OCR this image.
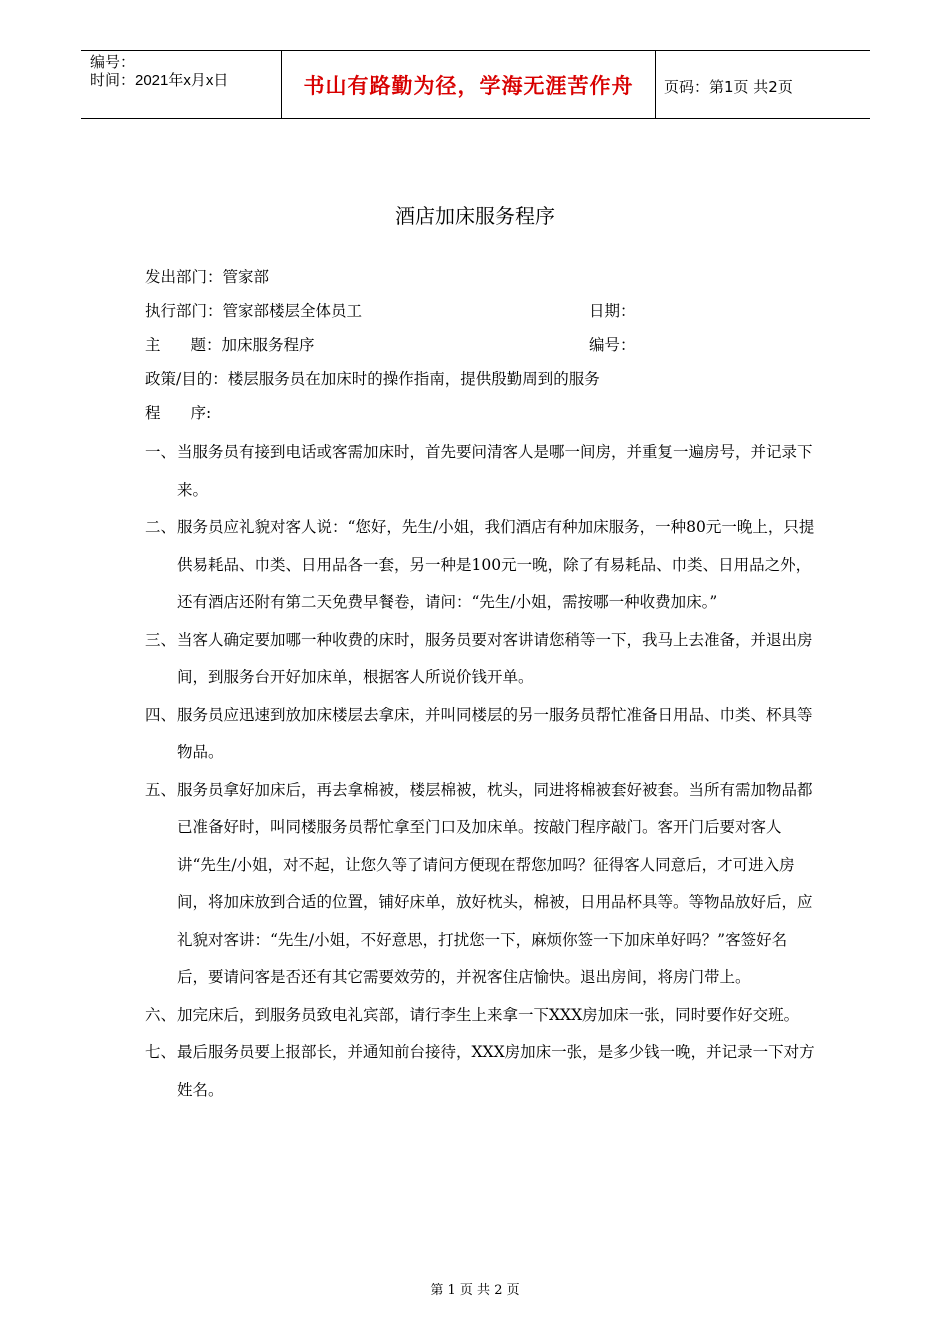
编号：
时间：2021年x月x日	书山有路勤为径，学海无涯苦作舟	页码：第1页 共2页
酒店加床服务程序
发出部门：管家部
执行部门：管家部楼层全体员工	日期：
主题：加床服务程序	编号：
政策/目的：楼层服务员在加床时的操作指南，提供殷勤周到的服务
程序:

一、当服务员有接到电话或客需加床时，首先要问清客人是哪一间房，并重复一遍房号，并记录下来。

二、服务员应礼貌对客人说：“您好，先生/小姐，我们酒店有种加床服务，一种80元一晚上，只提供易耗品、巾类、日用品各一套，另一种是100元一晚，除了有易耗品、巾类、日用品之外，还有酒店还附有第二天免费早餐卷，请问：“先生/小姐，需按哪一种收费加床。”

三、当客人确定要加哪一种收费的床时，服务员要对客讲请您稍等一下，我马上去准备，并退出房间，到服务台开好加床单，根据客人所说价钱开单。

四、服务员应迅速到放加床楼层去拿床，并叫同楼层的另一服务员帮忙准备日用品、巾类、杯具等物品。

五、服务员拿好加床后，再去拿棉被，楼层棉被，枕头，同进将棉被套好被套。当所有需加物品都已准备好时，叫同楼服务员帮忙拿至门口及加床单。按敲门程序敲门。客开门后要对客人讲“先生/小姐，对不起，让您久等了请问方便现在帮您加吗？征得客人同意后，才可进入房间，将加床放到合适的位置，铺好床单，放好枕头，棉被，日用品杯具等。等物品放好后，应礼貌对客讲：“先生/小姐，不好意思，打扰您一下，麻烦你签一下加床单好吗？”客签好名后，要请问客是否还有其它需要效劳的，并祝客住店愉快。退出房间，将房门带上。

六、加完床后，到服务员致电礼宾部，请行李生上来拿一下XXX房加床一张，同时要作好交班。

七、最后服务员要上报部长，并通知前台接待，XXX房加床一张，是多少钱一晚，并记录一下对方姓名。

第 1 页 共 2 页
